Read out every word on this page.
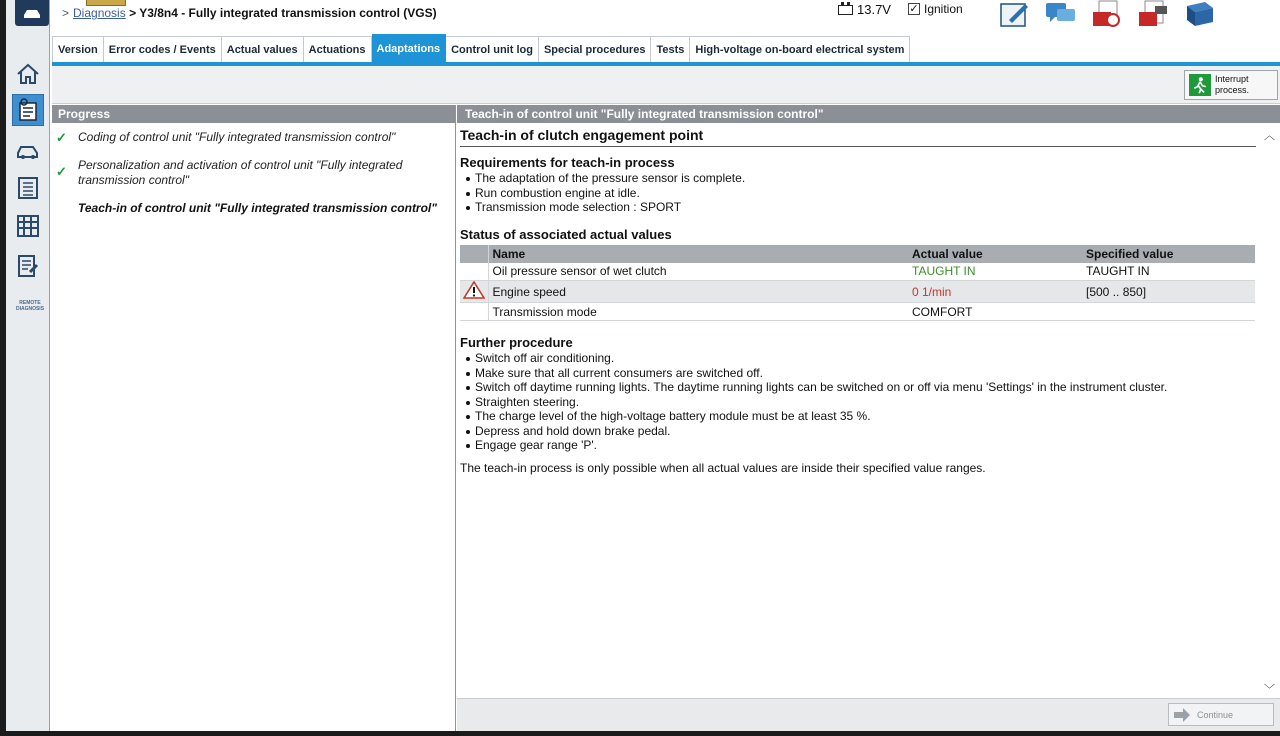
REMOTE DIAGNOSIS
> Diagnosis > Y3/8n4 - Fully integrated transmission control (VGS)	13.7V ✓ Ignition
Version	Error codes / Events	Actual values	Actuations	Adaptations	Control unit log	Special procedures	Tests	High-voltage on-board electrical system
Interrupt
process.
Progress
✓ Coding of control unit "Fully integrated transmission control"
✓ Personalization and activation of control unit "Fully integrated transmission control"
Teach-in of control unit "Fully integrated transmission control"
Teach-in of control unit "Fully integrated transmission control"
Teach-in of clutch engagement point
Requirements for teach-in process
The adaptation of the pressure sensor is complete.
Run combustion engine at idle.
Transmission mode selection : SPORT
Status of associated actual values
	Name	Actual value	Specified value
	Oil pressure sensor of wet clutch	TAUGHT IN	TAUGHT IN
	Engine speed	0 1/min	[500 .. 850]
	Transmission mode	COMFORT	
Further procedure
Switch off air conditioning.
Make sure that all current consumers are switched off.
Switch off daytime running lights. The daytime running lights can be switched on or off via menu 'Settings' in the instrument cluster.
Straighten steering.
The charge level of the high-voltage battery module must be at least 35 %.
Depress and hold down brake pedal.
Engage gear range 'P'.
The teach-in process is only possible when all actual values are inside their specified value ranges.
︿
﹀
Continue
